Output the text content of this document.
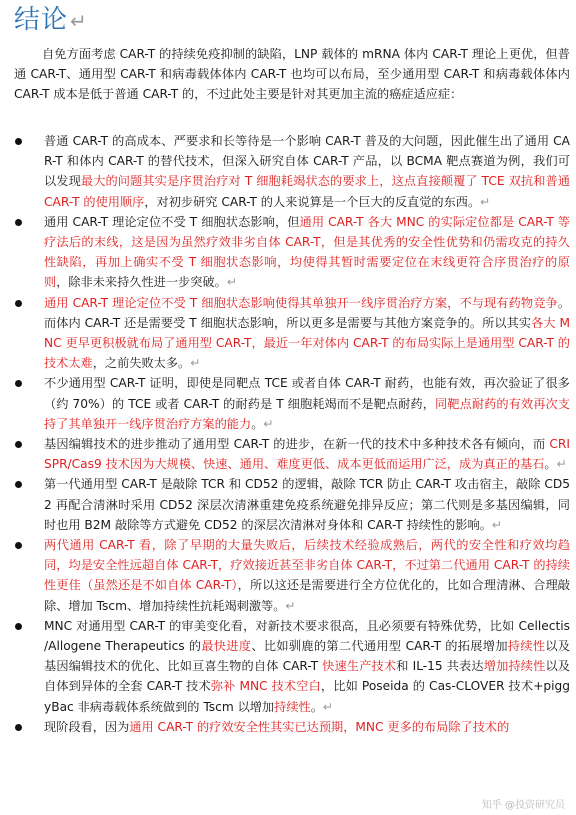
结论 ↵

自免方面考虑 CAR-T 的持续免疫抑制的缺陷，LNP 载体的 mRNA 体内 CAR-T 理论上更优，但普通 CAR-T、通用型 CAR-T 和病毒载体体内 CAR-T 也均可以布局，至少通用型 CAR-T 和病毒载体体内 CAR-T 成本是低于普通 CAR-T 的，不过此处主要是针对其更加主流的癌症适应症：

普通 CAR-T 的高成本、严要求和长等待是一个影响 CAR-T 普及的大问题，因此催生出了通用 CAR-T 和体内 CAR-T 的替代技术，但深入研究自体 CAR-T 产品，以 BCMA 靶点赛道为例，我们可以发现最大的问题其实是序贯治疗对 T 细胞耗竭状态的要求上，这点直接颠覆了 TCE 双抗和普通 CAR-T 的使用顺序，对初步研究 CAR-T 的人来说算是一个巨大的反直觉的东西。↵
通用 CAR-T 理论定位不受 T 细胞状态影响，但通用 CAR-T 各大 MNC 的实际定位都是 CAR-T 等疗法后的末线，这是因为虽然疗效非劣自体 CAR-T，但是其优秀的安全性优势和仍需攻克的持久性缺陷，再加上确实不受 T 细胞状态影响，均使得其暂时需要定位在末线更符合序贯治疗的原则，除非未来持久性进一步突破。↵
通用 CAR-T 理论定位不受 T 细胞状态影响使得其单独开一线序贯治疗方案，不与现有药物竞争。而体内 CAR-T 还是需要受 T 细胞状态影响，所以更多是需要与其他方案竞争的。所以其实各大 MNC 更早更积极就布局了通用型 CAR-T，最近一年对体内 CAR-T 的布局实际上是通用型 CAR-T 的技术太难，之前失败太多。↵
不少通用型 CAR-T 证明，即使是同靶点 TCE 或者自体 CAR-T 耐药，也能有效，再次验证了很多（约 70%）的 TCE 或者 CAR-T 的耐药是 T 细胞耗竭而不是靶点耐药，同靶点耐药的有效再次支持了其单独开一线序贯治疗方案的能力。↵
基因编辑技术的进步推动了通用型 CAR-T 的进步，在新一代的技术中多种技术各有倾向，而 CRISPR/Cas9 技术因为大规模、快速、通用、难度更低、成本更低而运用广泛，成为真正的基石。↵
第一代通用型 CAR-T 是敲除 TCR 和 CD52 的逻辑，敲除 TCR 防止 CAR-T 攻击宿主，敲除 CD52 再配合清淋时采用 CD52 深层次清淋重建免疫系统避免排异反应；第二代则是多基因编辑，同时也用 B2M 敲除等方式避免 CD52 的深层次清淋对身体和 CAR-T 持续性的影响。↵
两代通用 CAR-T 看，除了早期的大量失败后，后续技术经验成熟后，两代的安全性和疗效均趋同，均是安全性远超自体 CAR-T，疗效接近甚至非劣自体 CAR-T，不过第二代通用 CAR-T 的持续性更佳（虽然还是不如自体 CAR-T），所以这还是需要进行全方位优化的，比如合理清淋、合理敲除、增加 Tscm、增加持续性抗耗竭刺激等。↵
MNC 对通用型 CAR-T 的审美变化看，对新技术要求很高，且必须要有特殊优势，比如 Cellectis /Allogene Therapeutics 的最快进度、比如驯鹿的第二代通用型 CAR-T 的拓展增加持续性以及基因编辑技术的优化、比如亘喜生物的自体 CAR-T 快速生产技术和 IL-15 共表达增加持续性以及自体到异体的全套 CAR-T 技术弥补 MNC 技术空白，比如 Poseida 的 Cas-CLOVER 技术+piggyBac 非病毒载体系统做到的 Tscm 以增加持续性。↵
现阶段看，因为通用 CAR-T 的疗效安全性其实已达预期，MNC 更多的布局除了技术的
知乎 @投资研究员
